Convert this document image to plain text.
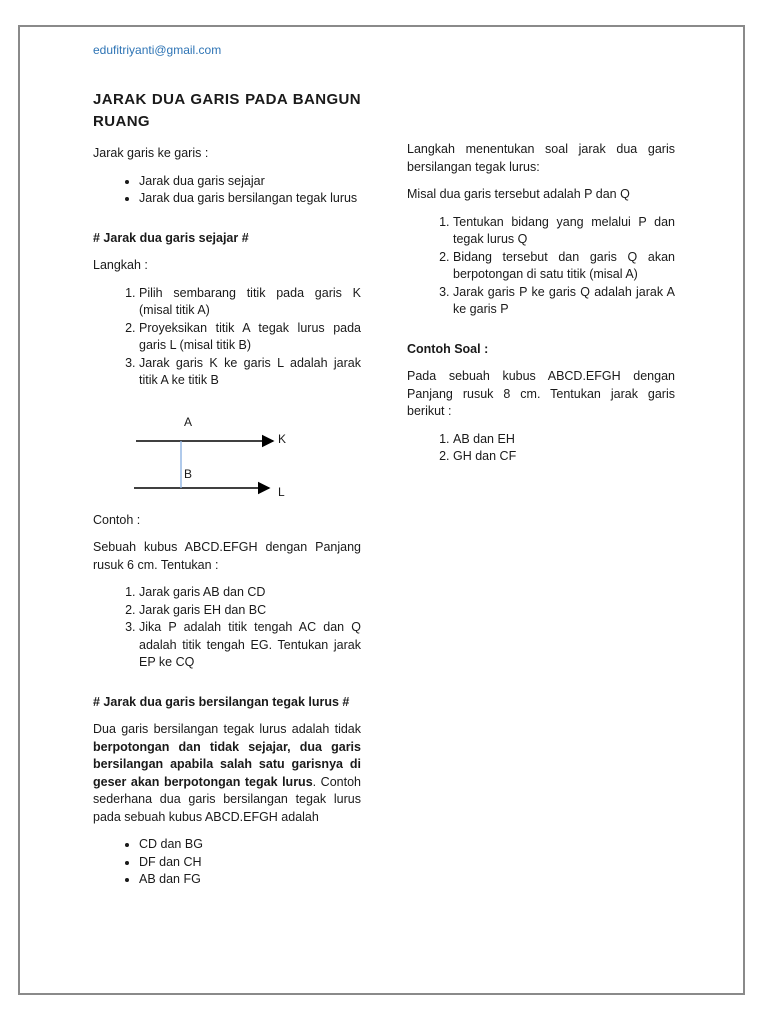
edufitriyanti@gmail.com
JARAK DUA GARIS PADA BANGUN RUANG

Jarak garis ke garis :

• Jarak dua garis sejajar
• Jarak dua garis bersilangan tegak lurus
# Jarak dua garis sejajar #

Langkah :

1. Pilih sembarang titik pada garis K (misal titik A)
2. Proyeksikan titik A tegak lurus pada garis L (misal titik B)
3. Jarak garis K ke garis L adalah jarak titik A ke titik B
A
B
K
L

Contoh :

Sebuah kubus ABCD.EFGH dengan Panjang rusuk 6 cm. Tentukan :

1. Jarak garis AB dan CD
2. Jarak garis EH dan BC
3. Jika P adalah titik tengah AC dan Q adalah titik tengah EG. Tentukan jarak EP ke CQ
# Jarak dua garis bersilangan tegak lurus #

Dua garis bersilangan tegak lurus adalah tidak berpotongan dan tidak sejajar, dua garis bersilangan apabila salah satu garisnya di geser akan berpotongan tegak lurus. Contoh sederhana dua garis bersilangan tegak lurus pada sebuah kubus ABCD.EFGH adalah

• CD dan BG
• DF dan CH
• AB dan FG

Langkah menentukan soal jarak dua garis bersilangan tegak lurus:

Misal dua garis tersebut adalah P dan Q

1. Tentukan bidang yang melalui P dan tegak lurus Q
2. Bidang tersebut dan garis Q akan berpotongan di satu titik (misal A)
3. Jarak garis P ke garis Q adalah jarak A ke garis P
Contoh Soal :

Pada sebuah kubus ABCD.EFGH dengan Panjang rusuk 8 cm. Tentukan jarak garis berikut :

1. AB dan EH
2. GH dan CF
